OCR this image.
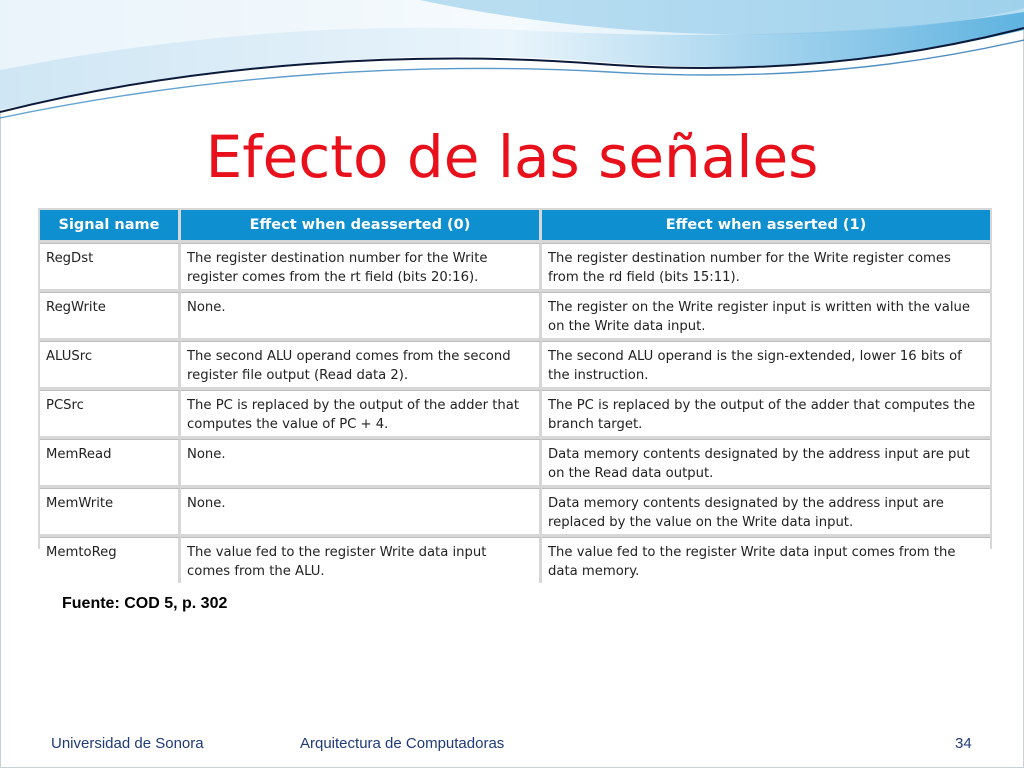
Efecto de las señales
Signal name	Effect when deasserted (0)	Effect when asserted (1)
RegDst	The register destination number for the Write register comes from the rt field (bits 20:16).	The register destination number for the Write register comes from the rd field (bits 15:11).
RegWrite	None.	The register on the Write register input is written with the value on the Write data input.
ALUSrc	The second ALU operand comes from the second register file output (Read data 2).	The second ALU operand is the sign-extended, lower 16 bits of the instruction.
PCSrc	The PC is replaced by the output of the adder that computes the value of PC + 4.	The PC is replaced by the output of the adder that computes the branch target.
MemRead	None.	Data memory contents designated by the address input are put on the Read data output.
MemWrite	None.	Data memory contents designated by the address input are replaced by the value on the Write data input.
MemtoReg	The value fed to the register Write data input comes from the ALU.	The value fed to the register Write data input comes from the data memory.
Fuente: COD 5, p. 302
Universidad de Sonora	Arquitectura de Computadoras	34
